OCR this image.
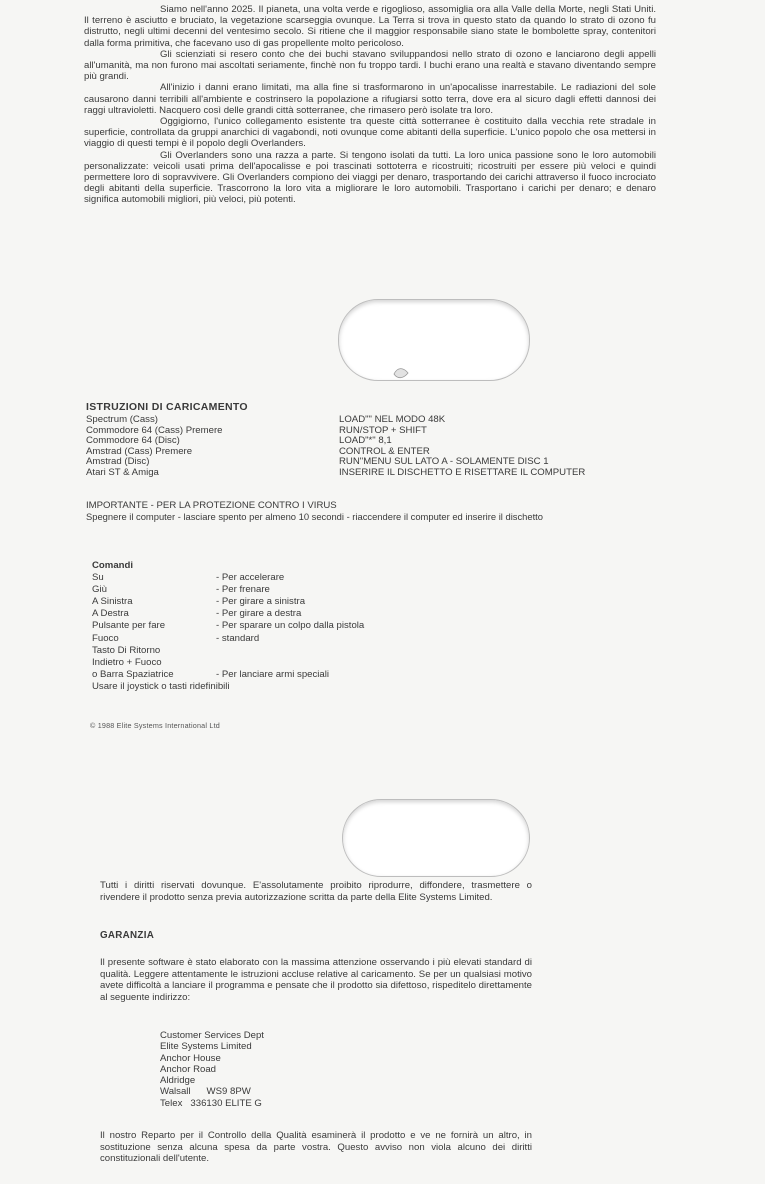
Siamo nell'anno 2025. Il pianeta, una volta verde e rigoglioso, assomiglia ora alla Valle della Morte, negli Stati Uniti. Il terreno è asciutto e bruciato, la vegetazione scarseggia ovunque. La Terra si trova in questo stato da quando lo strato di ozono fu distrutto, negli ultimi decenni del ventesimo secolo. Si ritiene che il maggior responsabile siano state le bombolette spray, contenitori dalla forma primitiva, che facevano uso di gas propellente molto pericoloso.

Gli scienziati si resero conto che dei buchi stavano sviluppandosi nello strato di ozono e lanciarono degli appelli all'umanità, ma non furono mai ascoltati seriamente, finchè non fu troppo tardi. I buchi erano una realtà e stavano diventando sempre più grandi.

All'inizio i danni erano limitati, ma alla fine si trasformarono in un'apocalisse inarrestabile. Le radiazioni del sole causarono danni terribili all'ambiente e costrinsero la popolazione a rifugiarsi sotto terra, dove era al sicuro dagli effetti dannosi dei raggi ultravioletti. Nacquero così delle grandi città sotterranee, che rimasero però isolate tra loro.

Oggigiorno, l'unico collegamento esistente tra queste città sotterranee è costituito dalla vecchia rete stradale in superficie, controllata da gruppi anarchici di vagabondi, noti ovunque come abitanti della superficie. L'unico popolo che osa mettersi in viaggio di questi tempi è il popolo degli Overlanders.

Gli Overlanders sono una razza a parte. Si tengono isolati da tutti. La loro unica passione sono le loro automobili personalizzate: veicoli usati prima dell'apocalisse e poi trascinati sottoterra e ricostruiti; ricostruiti per essere più veloci e quindi permettere loro di sopravvivere. Gli Overlanders compiono dei viaggi per denaro, trasportando dei carichi attraverso il fuoco incrociato degli abitanti della superficie. Trascorrono la loro vita a migliorare le loro automobili. Trasportano i carichi per denaro; e denaro significa automobili migliori, più veloci, più potenti.

ISTRUZIONI DI CARICAMENTO
Spectrum (Cass)	LOAD"" NEL MODO 48K
Commodore 64 (Cass) Premere	RUN/STOP + SHIFT
Commodore 64 (Disc)	LOAD"*" 8,1
Amstrad (Cass) Premere	CONTROL & ENTER
Amstrad (Disc)	RUN"MENU SUL LATO A - SOLAMENTE DISC 1
Atari ST & Amiga	INSERIRE IL DISCHETTO E RISETTARE IL COMPUTER
IMPORTANTE - PER LA PROTEZIONE CONTRO I VIRUS
Spegnere il computer - lasciare spento per almeno 10 secondi - riaccendere il computer ed inserire il dischetto
Comandi
Su	- Per accelerare
Giù	- Per frenare
A Sinistra	- Per girare a sinistra
A Destra	- Per girare a destra
Pulsante per fare	- Per sparare un colpo dalla pistola
Fuoco	- standard
Tasto Di Ritorno
Indietro + Fuoco
o Barra Spaziatrice	- Per lanciare armi speciali
Usare il joystick o tasti ridefinibili
© 1988 Elite Systems International Ltd
Tutti i diritti riservati dovunque. E'assolutamente proibito riprodurre, diffondere, trasmettere o rivendere il prodotto senza previa autorizzazione scritta da parte della Elite Systems Limited.
GARANZIA
Il presente software è stato elaborato con la massima attenzione osservando i più elevati standard di qualità. Leggere attentamente le istruzioni accluse relative al caricamento. Se per un qualsiasi motivo avete difficoltà a lanciare il programma e pensate che il prodotto sia difettoso, rispeditelo direttamente al seguente indirizzo:
Customer Services Dept
Elite Systems Limited
Anchor House
Anchor Road
Aldridge
Walsall      WS9 8PW
Telex   336130 ELITE G
Il nostro Reparto per il Controllo della Qualità esaminerà il prodotto e ve ne fornirà un altro, in sostituzione senza alcuna spesa da parte vostra. Questo avviso non viola alcuno dei diritti constituzionali dell'utente.
